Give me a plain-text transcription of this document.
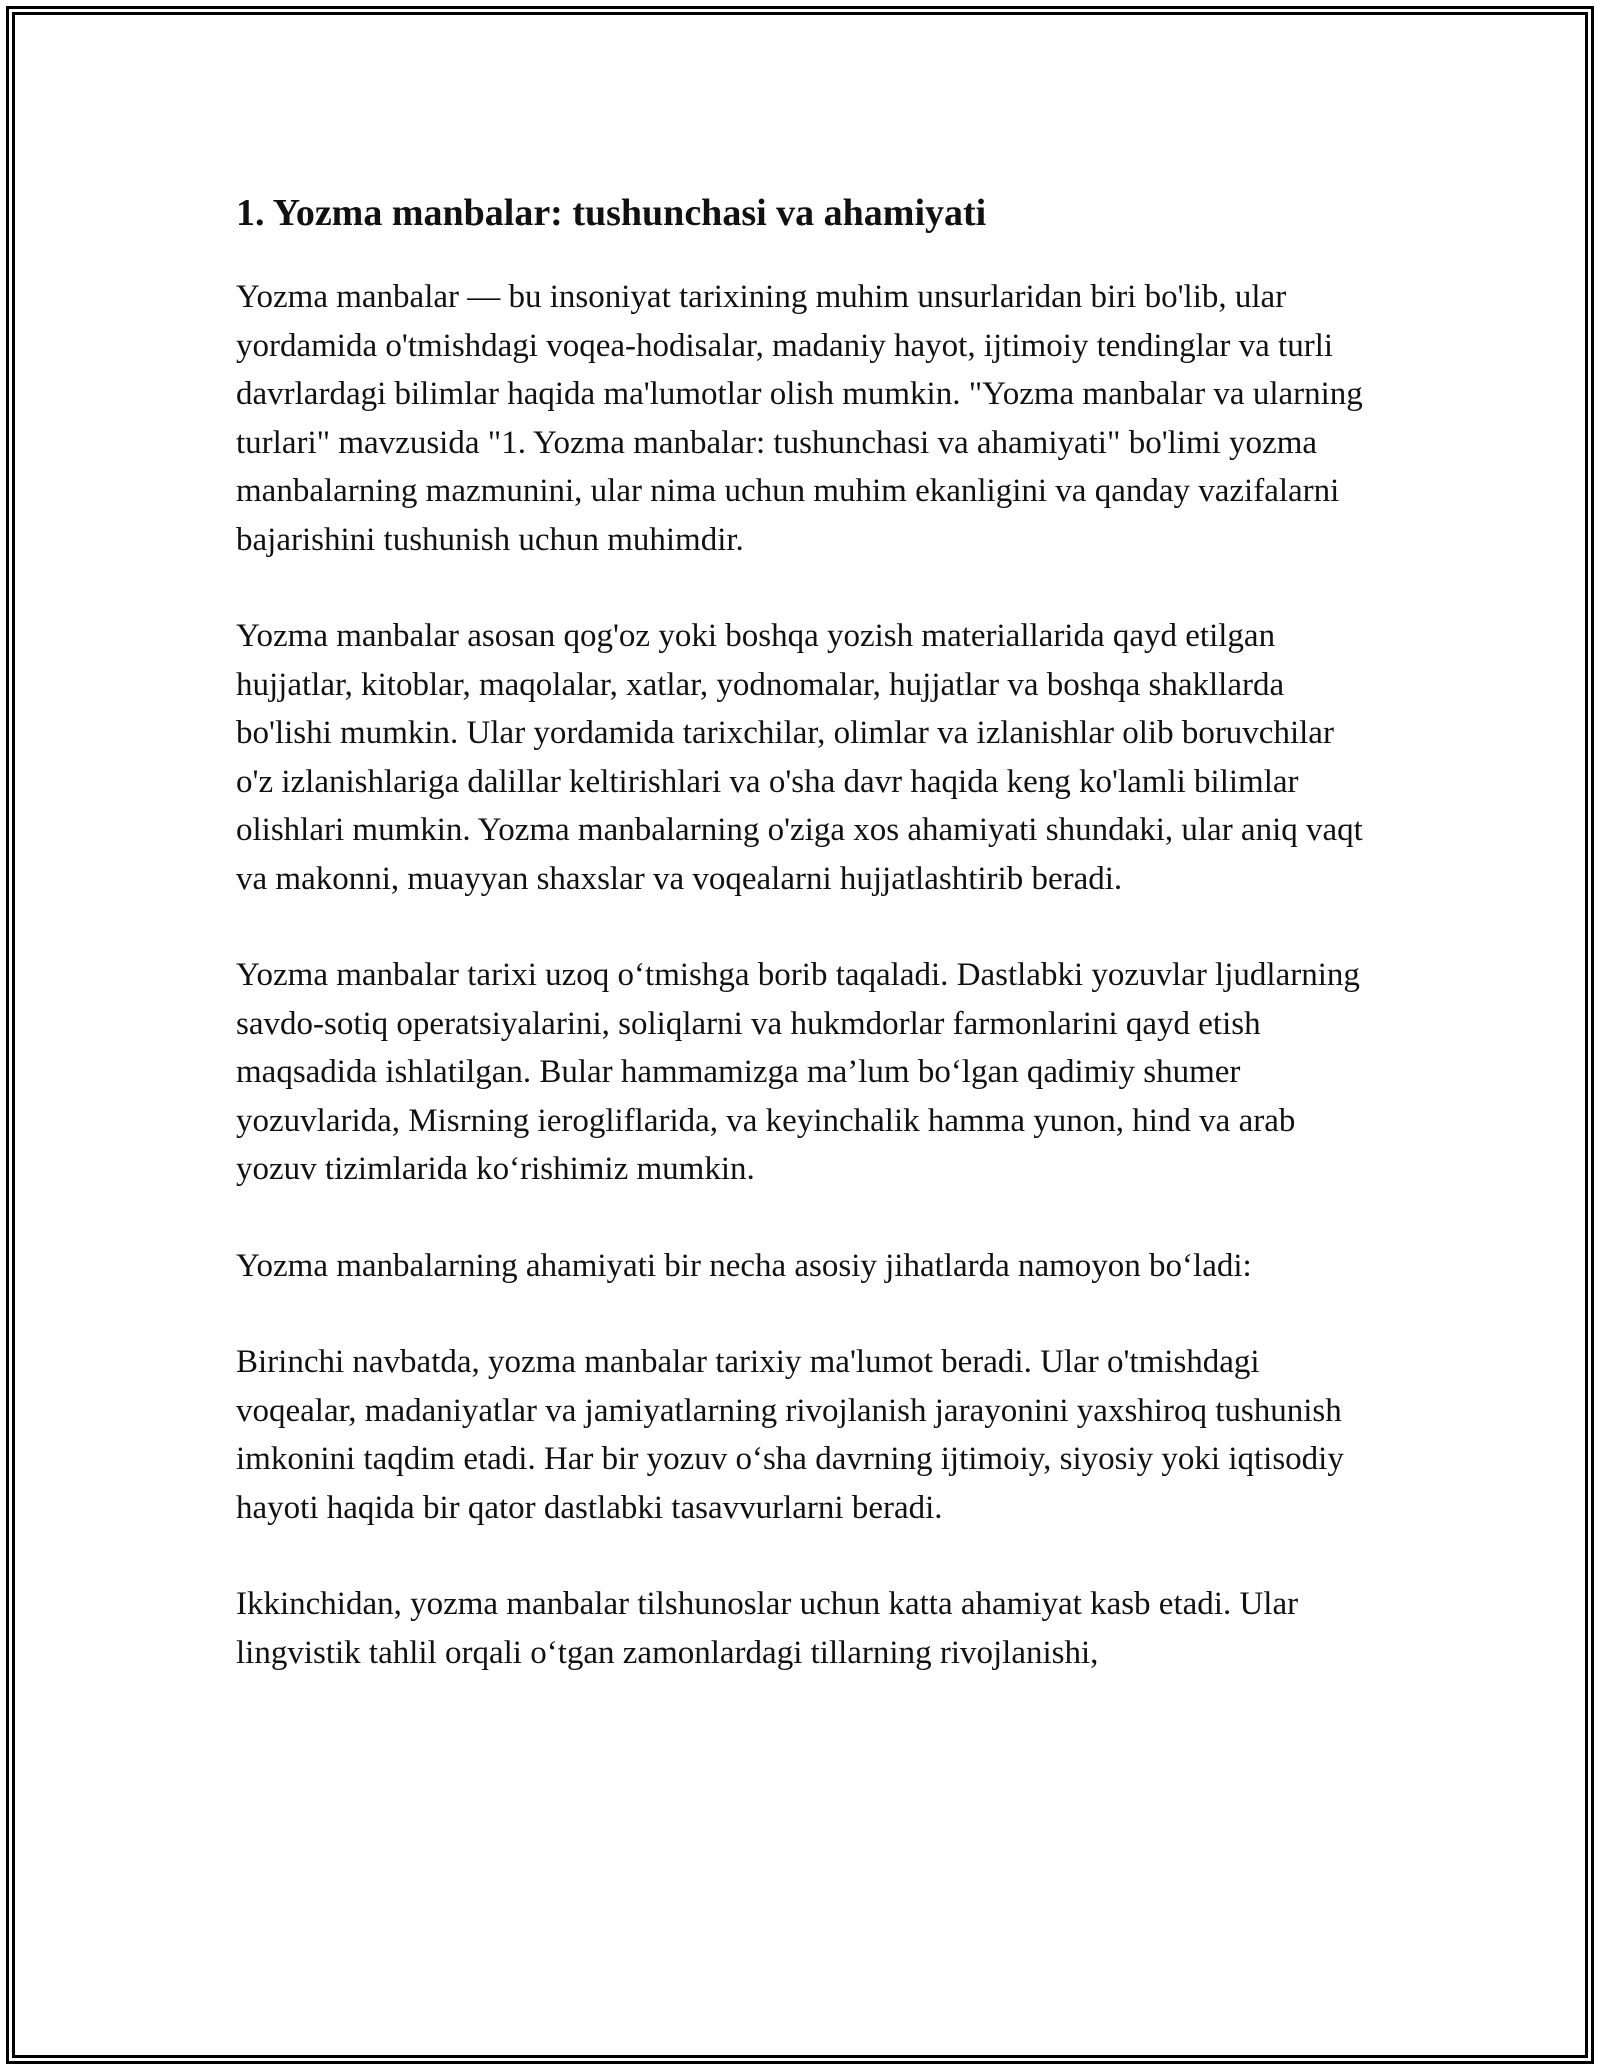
1. Yozma manbalar: tushunchasi va ahamiyati

Yozma manbalar — bu insoniyat tarixining muhim unsurlaridan biri bo'lib, ular yordamida o'tmishdagi voqea-hodisalar, madaniy hayot, ijtimoiy tendinglar va turli davrlardagi bilimlar haqida ma'lumotlar olish mumkin. "Yozma manbalar va ularning turlari" mavzusida "1. Yozma manbalar: tushunchasi va ahamiyati" bo'limi yozma manbalarning mazmunini, ular nima uchun muhim ekanligini va qanday vazifalarni bajarishini tushunish uchun muhimdir.

Yozma manbalar asosan qog'oz yoki boshqa yozish materiallarida qayd etilgan hujjatlar, kitoblar, maqolalar, xatlar, yodnomalar, hujjatlar va boshqa shakllarda bo'lishi mumkin. Ular yordamida tarixchilar, olimlar va izlanishlar olib boruvchilar o'z izlanishlariga dalillar keltirishlari va o'sha davr haqida keng ko'lamli bilimlar olishlari mumkin. Yozma manbalarning o'ziga xos ahamiyati shundaki, ular aniq vaqt va makonni, muayyan shaxslar va voqealarni hujjatlashtirib beradi.

Yozma manbalar tarixi uzoq o‘tmishga borib taqaladi. Dastlabki yozuvlar ljudlarning savdo-sotiq operatsiyalarini, soliqlarni va hukmdorlar farmonlarini qayd etish maqsadida ishlatilgan. Bular hammamizga ma’lum bo‘lgan qadimiy shumer yozuvlarida, Misrning ierogliflarida, va keyinchalik hamma yunon, hind va arab yozuv tizimlarida ko‘rishimiz mumkin.

Yozma manbalarning ahamiyati bir necha asosiy jihatlarda namoyon bo‘ladi:

Birinchi navbatda, yozma manbalar tarixiy ma'lumot beradi. Ular o'tmishdagi voqealar, madaniyatlar va jamiyatlarning rivojlanish jarayonini yaxshiroq tushunish imkonini taqdim etadi. Har bir yozuv o‘sha davrning ijtimoiy, siyosiy yoki iqtisodiy hayoti haqida bir qator dastlabki tasavvurlarni beradi.

Ikkinchidan, yozma manbalar tilshunoslar uchun katta ahamiyat kasb etadi. Ular lingvistik tahlil orqali o‘tgan zamonlardagi tillarning rivojlanishi,
